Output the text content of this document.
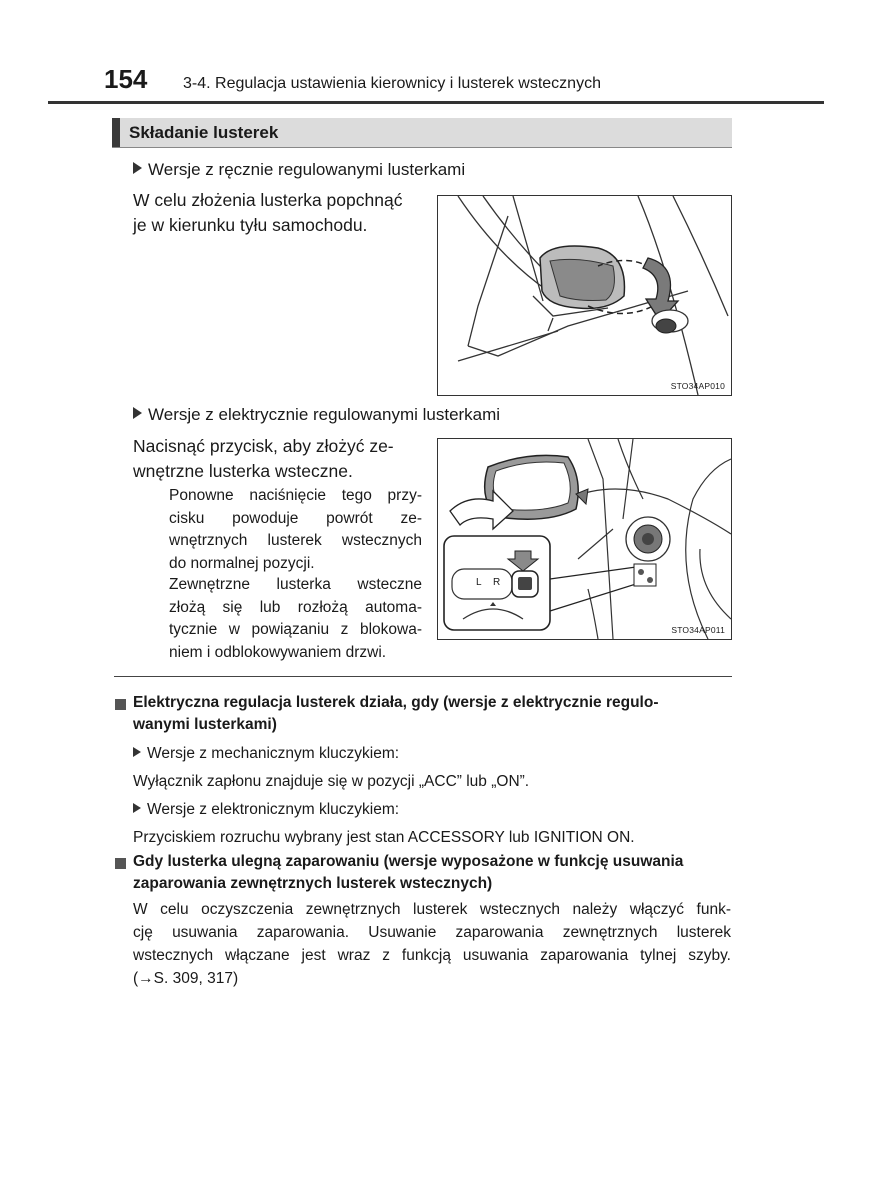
154 3-4. Regulacja ustawienia kierownicy i lusterek wstecznych
Składanie lusterek
Wersje z ręcznie regulowanymi lusterkami
W celu złożenia lusterka popchnąć
je w kierunku tyłu samochodu.
STO34AP010
Wersje z elektrycznie regulowanymi lusterkami
Nacisnąć przycisk, aby złożyć ze-
wnętrzne lusterka wsteczne.
Ponowne naciśnięcie tego przy-
cisku powoduje powrót ze-
wnętrznych lusterek wstecznych
do normalnej pozycji.
Zewnętrzne lusterka wsteczne
złożą się lub rozłożą automa-
tycznie w powiązaniu z blokowa-
niem i odblokowywaniem drzwi.
L R
STO34AP011
Elektryczna regulacja lusterek działa, gdy (wersje z elektrycznie regulo-
wanymi lusterkami)
Wersje z mechanicznym kluczykiem:
Wyłącznik zapłonu znajduje się w pozycji „ACC” lub „ON”.
Wersje z elektronicznym kluczykiem:
Przyciskiem rozruchu wybrany jest stan ACCESSORY lub IGNITION ON.
Gdy lusterka ulegną zaparowaniu (wersje wyposażone w funkcję usuwania
zaparowania zewnętrznych lusterek wstecznych)
W celu oczyszczenia zewnętrznych lusterek wstecznych należy włączyć funk-
cję usuwania zaparowania. Usuwanie zaparowania zewnętrznych lusterek
wstecznych włączane jest wraz z funkcją usuwania zaparowania tylnej szyby.
(→S. 309, 317)
